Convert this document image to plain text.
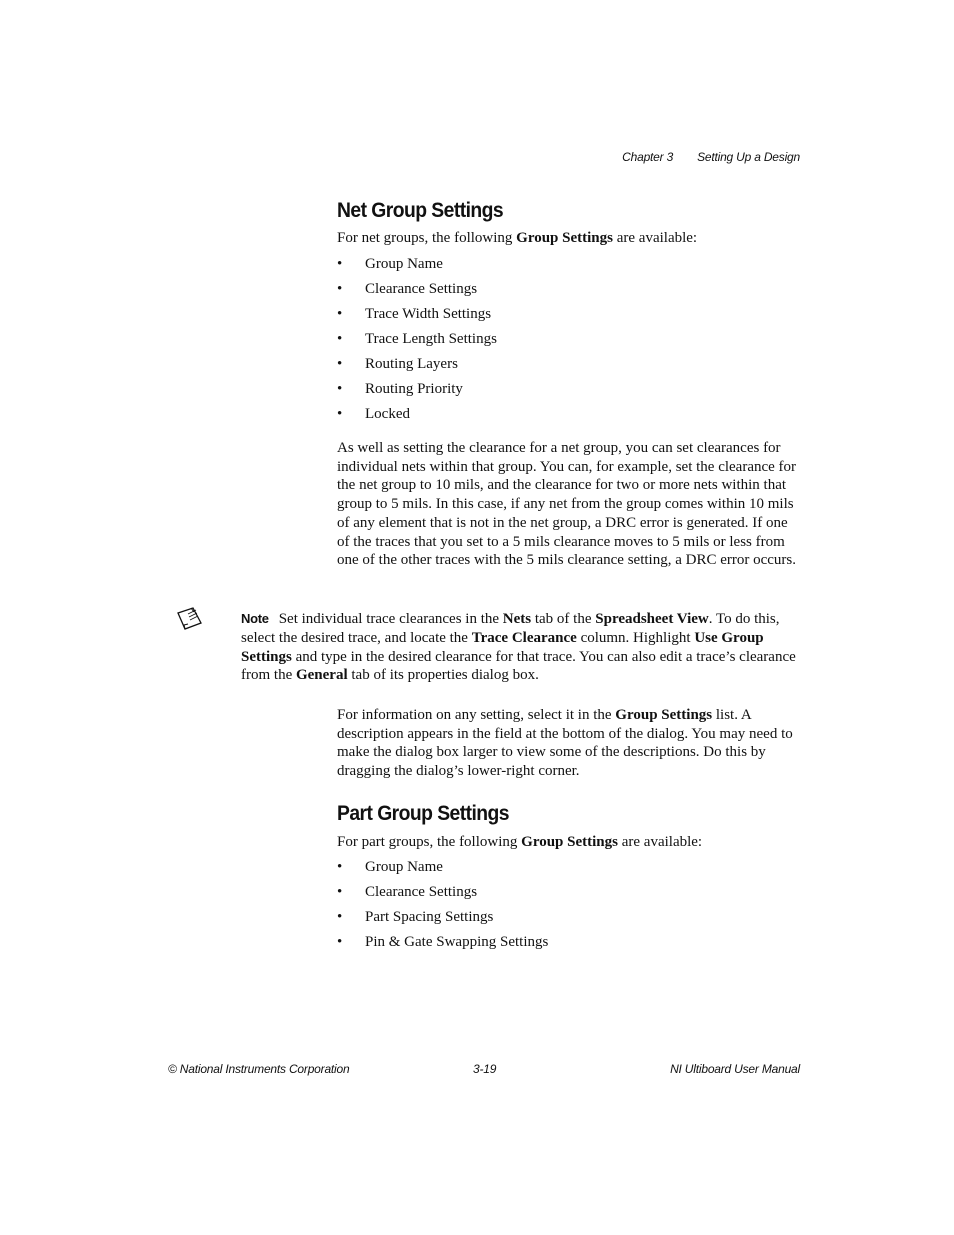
Chapter 3 Setting Up a Design
Net Group Settings

For net groups, the following Group Settings are available:

• Group Name
• Clearance Settings
• Trace Width Settings
• Trace Length Settings
• Routing Layers
• Routing Priority
• Locked

As well as setting the clearance for a net group, you can set clearances for individual nets within that group. You can, for example, set the clearance for the net group to 10 mils, and the clearance for two or more nets within that group to 5 mils. In this case, if any net from the group comes within 10 mils of any element that is not in the net group, a DRC error is generated. If one of the traces that you set to a 5 mils clearance moves to 5 mils or less from one of the other traces with the 5 mils clearance setting, a DRC error occurs.

Note Set individual trace clearances in the Nets tab of the Spreadsheet View. To do this, select the desired trace, and locate the Trace Clearance column. Highlight Use Group Settings and type in the desired clearance for that trace. You can also edit a trace’s clearance from the General tab of its properties dialog box.

For information on any setting, select it in the Group Settings list. A description appears in the field at the bottom of the dialog. You may need to make the dialog box larger to view some of the descriptions. Do this by dragging the dialog’s lower-right corner.

Part Group Settings

For part groups, the following Group Settings are available:

• Group Name
• Clearance Settings
• Part Spacing Settings
• Pin & Gate Swapping Settings
© National Instruments Corporation	3-19	NI Ultiboard User Manual
